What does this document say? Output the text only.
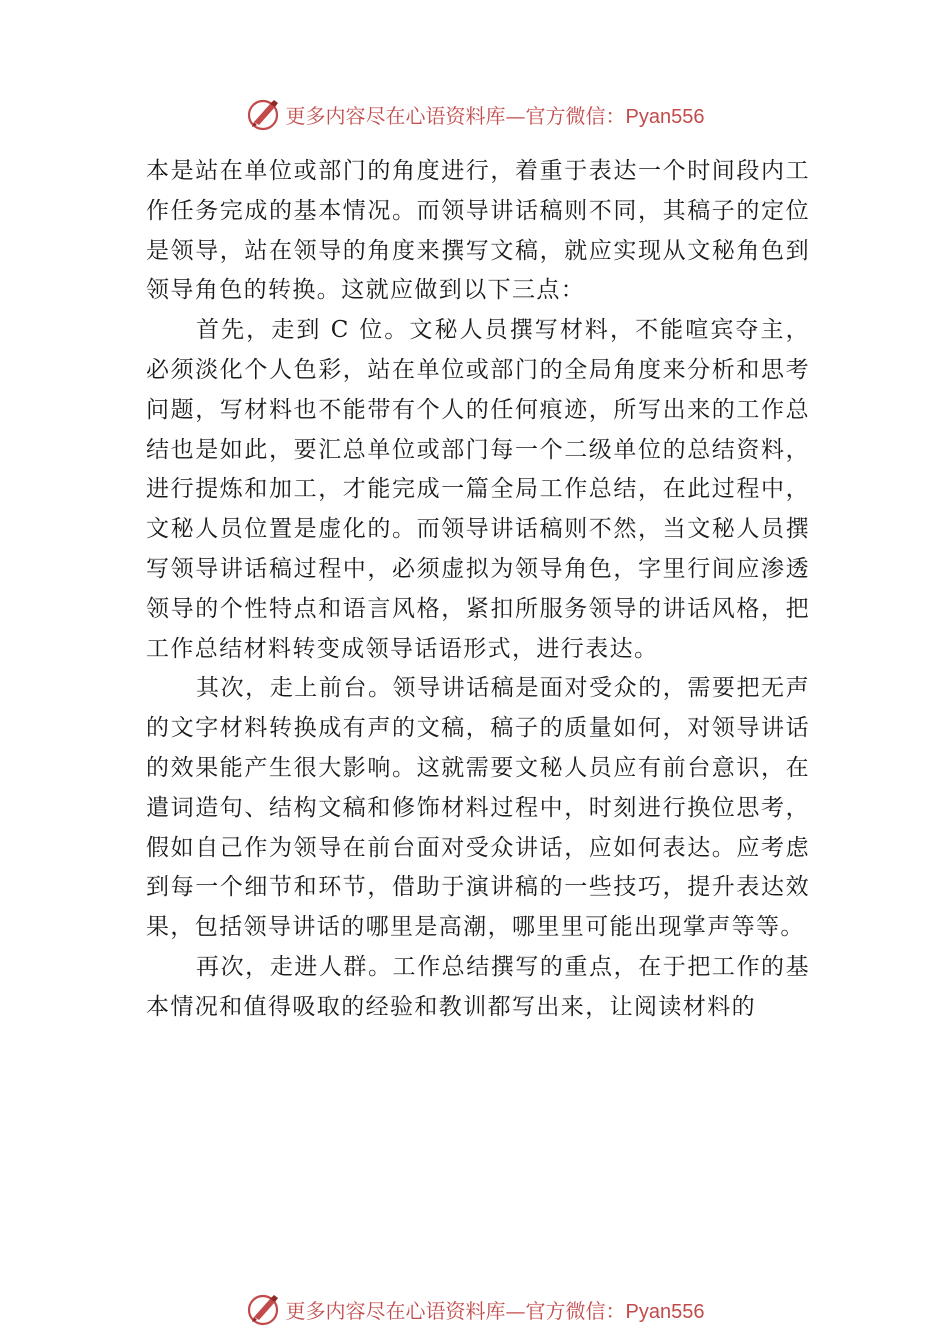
更多内容尽在心语资料库—官方微信：Pyan556

本是站在单位或部门的角度进行，着重于表达一个时间段内工作任务完成的基本情况。而领导讲话稿则不同，其稿子的定位是领导，站在领导的角度来撰写文稿，就应实现从文秘角色到领导角色的转换。这就应做到以下三点：

首先，走到 C 位。文秘人员撰写材料，不能喧宾夺主，必须淡化个人色彩，站在单位或部门的全局角度来分析和思考问题，写材料也不能带有个人的任何痕迹，所写出来的工作总结也是如此，要汇总单位或部门每一个二级单位的总结资料，进行提炼和加工，才能完成一篇全局工作总结，在此过程中，文秘人员位置是虚化的。而领导讲话稿则不然，当文秘人员撰写领导讲话稿过程中，必须虚拟为领导角色，字里行间应渗透领导的个性特点和语言风格，紧扣所服务领导的讲话风格，把工作总结材料转变成领导话语形式，进行表达。

其次，走上前台。领导讲话稿是面对受众的，需要把无声的文字材料转换成有声的文稿，稿子的质量如何，对领导讲话的效果能产生很大影响。这就需要文秘人员应有前台意识，在遣词造句、结构文稿和修饰材料过程中，时刻进行换位思考，假如自己作为领导在前台面对受众讲话，应如何表达。应考虑到每一个细节和环节，借助于演讲稿的一些技巧，提升表达效果，包括领导讲话的哪里是高潮，哪里里可能出现掌声等等。

再次，走进人群。工作总结撰写的重点，在于把工作的基本情况和值得吸取的经验和教训都写出来，让阅读材料的

更多内容尽在心语资料库—官方微信：Pyan556
